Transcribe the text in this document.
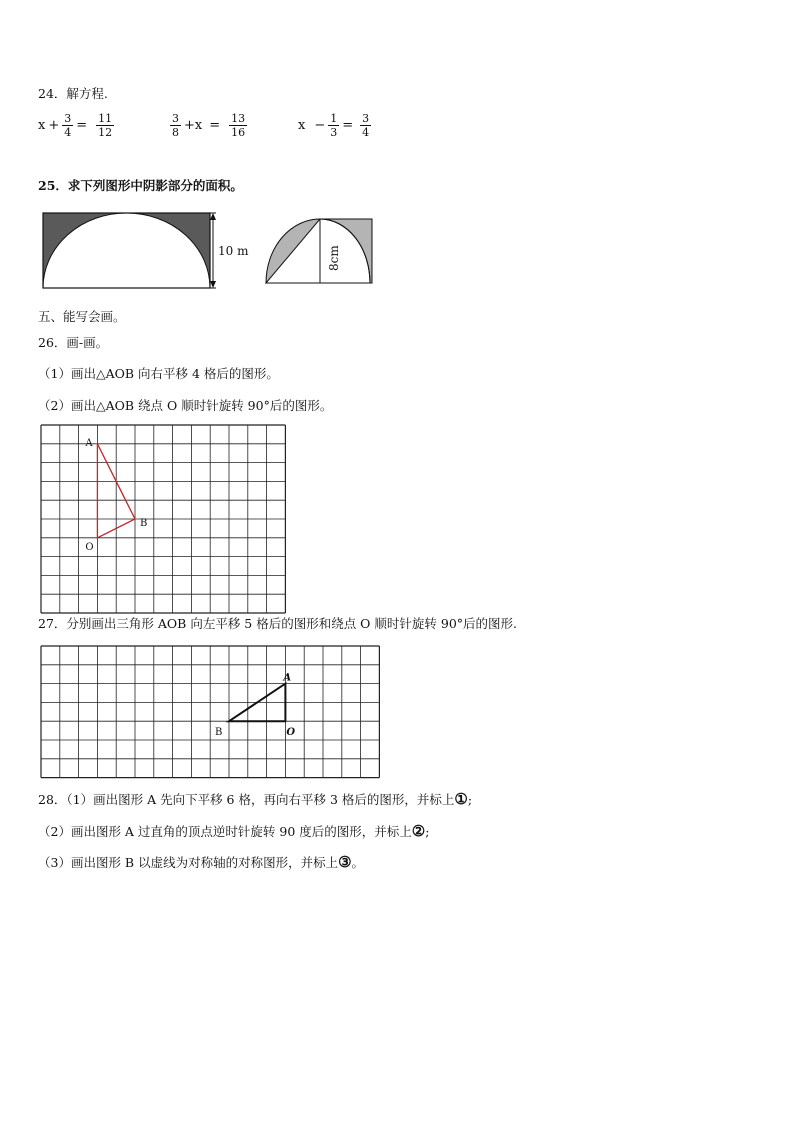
24．解方程.
$x + \frac{3}{4} = \frac{11}{12}$	$\frac{3}{8} +x = \frac{13}{16}$	$x - \frac{1}{3} = \frac{3}{4}$
25．求下列图形中阴影部分的面积。
10 m	8cm
五、能写会画。
26．画-画。
（1）画出△AOB 向右平移 4 格后的图形。
（2）画出△AOB 绕点 O 顺时针旋转 90°后的图形。
A
B
O
27．分别画出三角形 AOB 向左平移 5 格后的图形和绕点 O 顺时针旋转 90°后的图形.
A
B	O
28．（1）画出图形 A 先向下平移 6 格，再向右平移 3 格后的图形，并标上①;
（2）画出图形 A 过直角的顶点逆时针旋转 90 度后的图形，并标上②;
（3）画出图形 B 以虚线为对称轴的对称图形，并标上③。
